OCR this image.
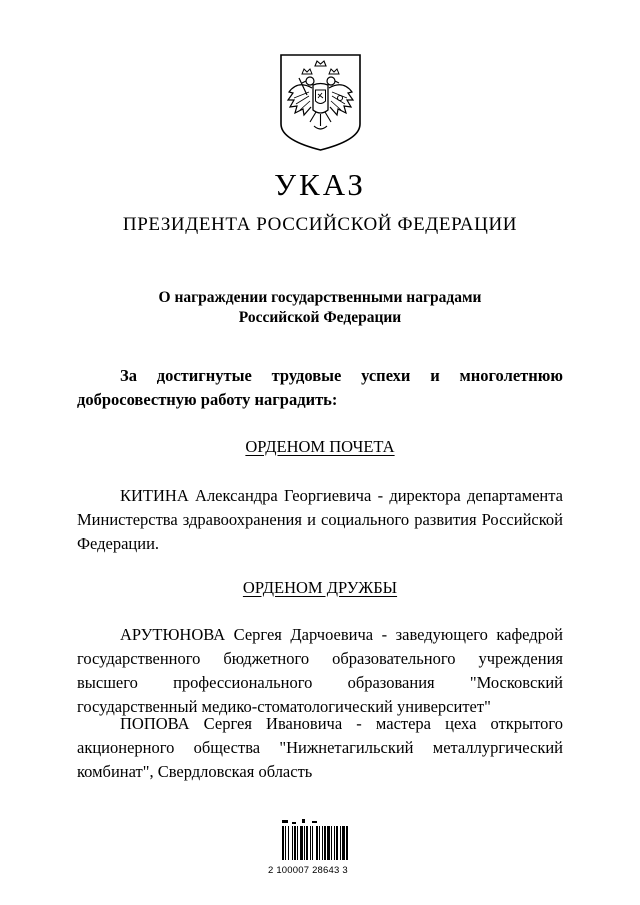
УКАЗ
ПРЕЗИДЕНТА РОССИЙСКОЙ ФЕДЕРАЦИИ
О награждении государственными наградами
Российской Федерации
За достигнутые трудовые успехи и многолетнюю добросовестную работу наградить:
ОРДЕНОМ ПОЧЕТА
КИТИНА Александра Георгиевича - директора департамента Министерства здравоохранения и социального развития Российской Федерации.
ОРДЕНОМ ДРУЖБЫ
АРУТЮНОВА Сергея Дарчоевича - заведующего кафедрой государственного бюджетного образовательного учреждения высшего профессионального образования "Московский государственный медико-стоматологический университет"
ПОПОВА Сергея Ивановича - мастера цеха открытого акционерного общества "Нижнетагильский металлургический комбинат", Свердловская область
2 100007 28643 3
